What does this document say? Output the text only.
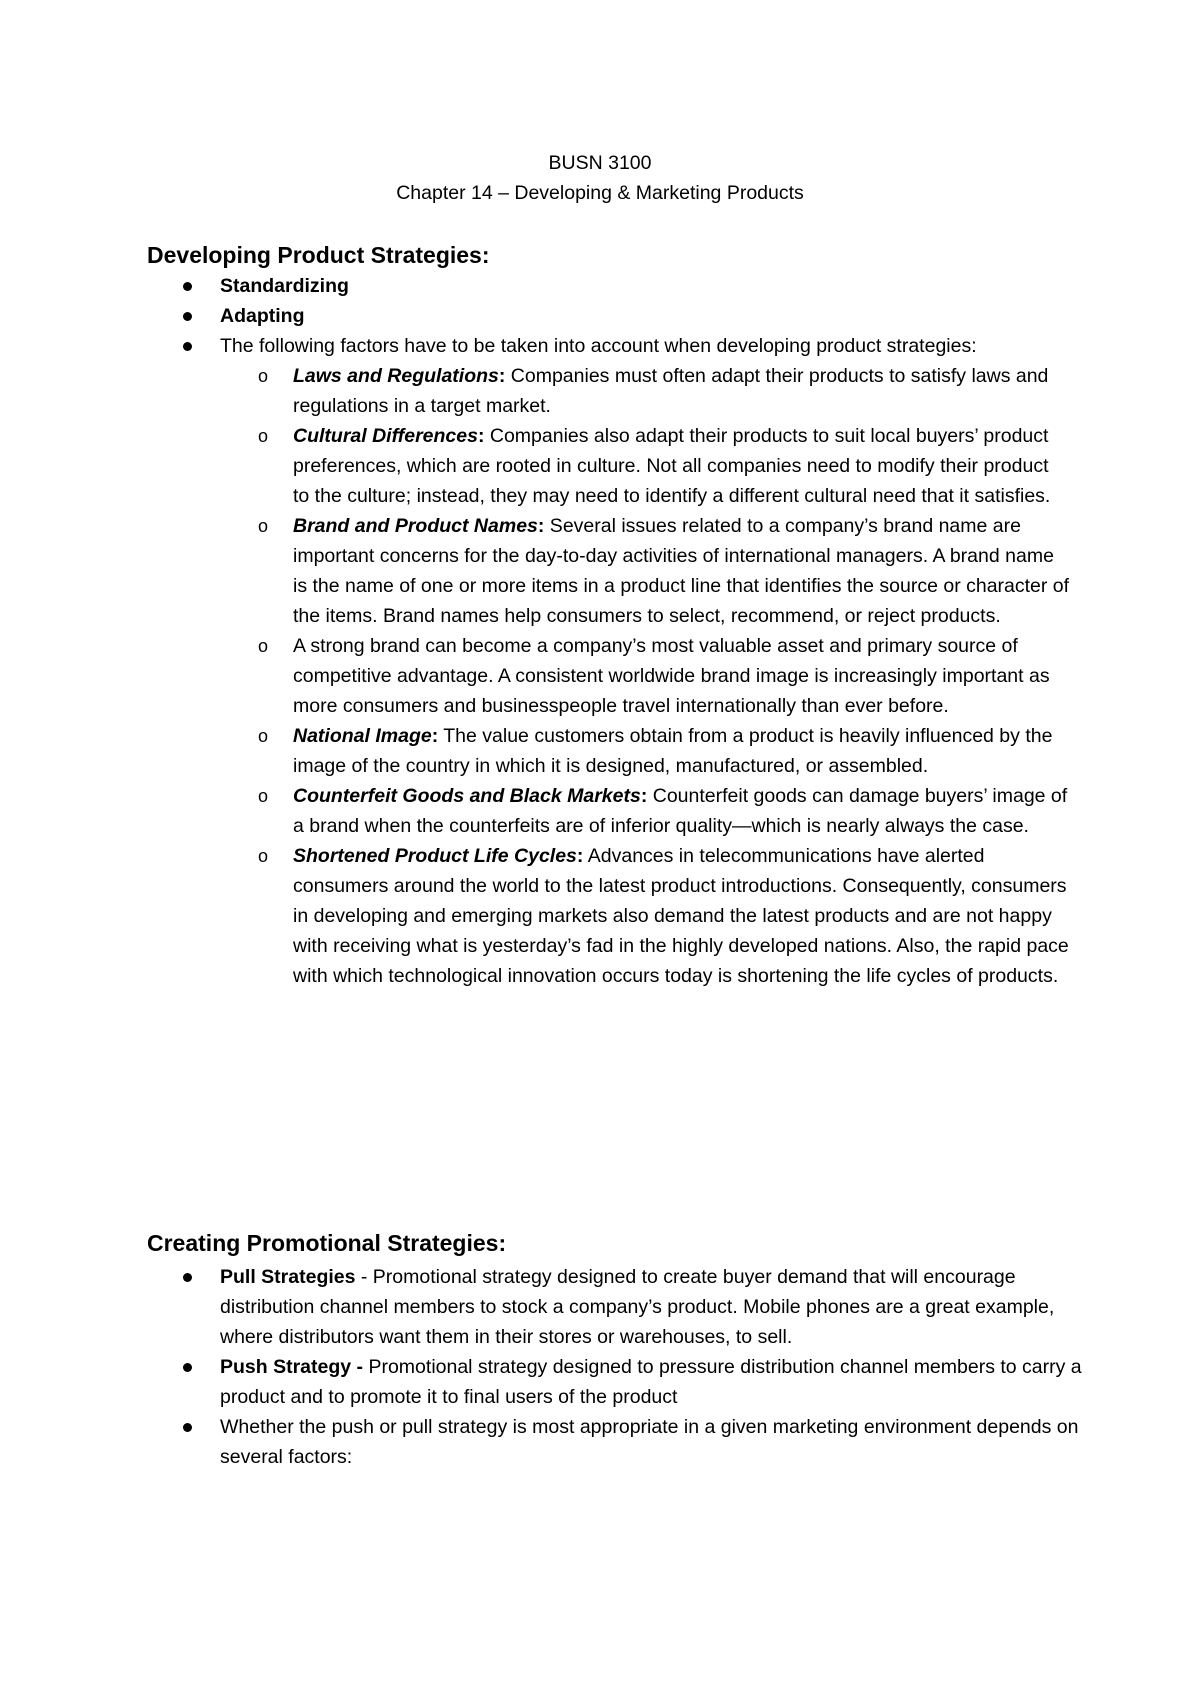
BUSN 3100
Chapter 14 – Developing & Marketing Products
Developing Product Strategies:
Standardizing
Adapting
The following factors have to be taken into account when developing product strategies:
o Laws and Regulations: Companies must often adapt their products to satisfy laws and regulations in a target market.
o Cultural Differences: Companies also adapt their products to suit local buyers’ product preferences, which are rooted in culture. Not all companies need to modify their product to the culture; instead, they may need to identify a different cultural need that it satisfies.
o Brand and Product Names: Several issues related to a company’s brand name are important concerns for the day-to-day activities of international managers. A brand name is the name of one or more items in a product line that identifies the source or character of the items. Brand names help consumers to select, recommend, or reject products.
o A strong brand can become a company’s most valuable asset and primary source of competitive advantage. A consistent worldwide brand image is increasingly important as more consumers and businesspeople travel internationally than ever before.
o National Image: The value customers obtain from a product is heavily influenced by the image of the country in which it is designed, manufactured, or assembled.
o Counterfeit Goods and Black Markets: Counterfeit goods can damage buyers’ image of a brand when the counterfeits are of inferior quality—which is nearly always the case.
o Shortened Product Life Cycles: Advances in telecommunications have alerted consumers around the world to the latest product introductions. Consequently, consumers in developing and emerging markets also demand the latest products and are not happy with receiving what is yesterday’s fad in the highly developed nations. Also, the rapid pace with which technological innovation occurs today is shortening the life cycles of products.
Creating Promotional Strategies:
Pull Strategies - Promotional strategy designed to create buyer demand that will encourage distribution channel members to stock a company’s product. Mobile phones are a great example, where distributors want them in their stores or warehouses, to sell.
Push Strategy - Promotional strategy designed to pressure distribution channel members to carry a product and to promote it to final users of the product
Whether the push or pull strategy is most appropriate in a given marketing environment depends on several factors:
